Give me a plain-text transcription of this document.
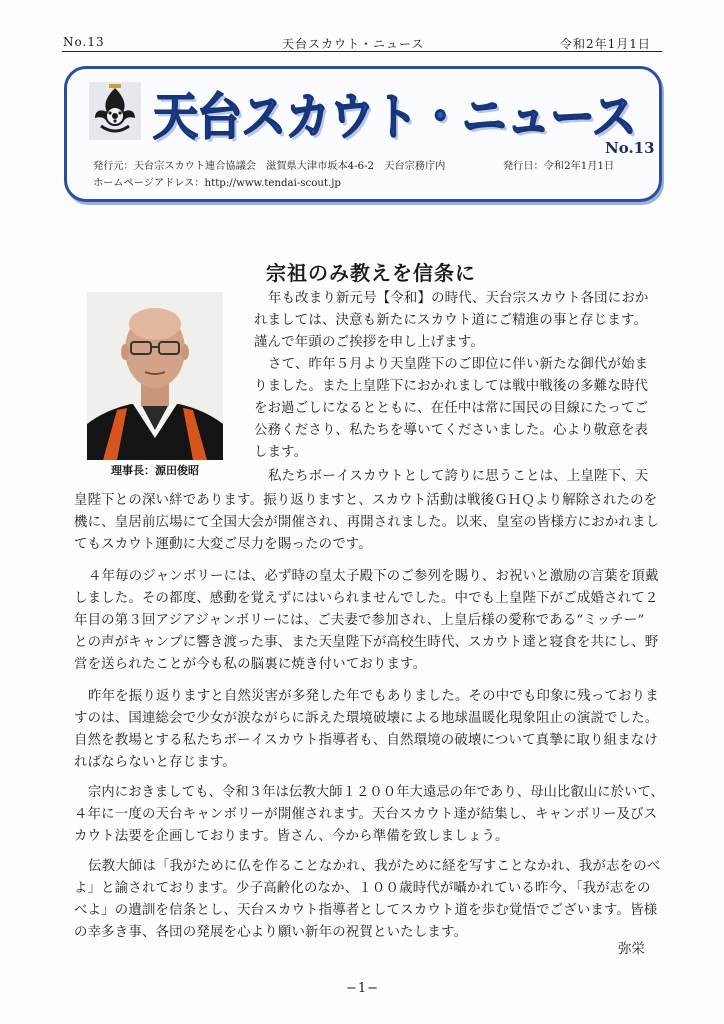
No.13	天台スカウト・ニュース	令和2年1月1日
天台スカウト・ニュース
No.13
発行元：天台宗スカウト連合協議会　滋賀県大津市坂本4-6-2　天台宗務庁内	発行日：令和2年1月1日
ホームページアドレス：http://www.tendai-scout.jp
宗祖のみ教えを信条に
理事長：源田俊昭
年も改まり新元号【令和】の時代、天台宗スカウト各団におか
れましては、決意も新たにスカウト道にご精進の事と存じます。
謹んで年頭のご挨拶を申し上げます。
さて、昨年５月より天皇陛下のご即位に伴い新たな御代が始ま
りました。また上皇陛下におかれましては戦中戦後の多難な時代
をお過ごしになるとともに、在任中は常に国民の目線にたってご
公務くださり、私たちを導いてくださいました。心より敬意を表
します。
私たちボーイスカウトとして誇りに思うことは、上皇陛下、天
皇陛下との深い絆であります。振り返りますと、スカウト活動は戦後ＧＨＱより解除されたのを
機に、皇居前広場にて全国大会が開催され、再開されました。以来、皇室の皆様方におかれまし
てもスカウト運動に大変ご尽力を賜ったのです。
４年毎のジャンボリーには、必ず時の皇太子殿下のご参列を賜り、お祝いと激励の言葉を頂戴
しました。その都度、感動を覚えずにはいられませんでした。中でも上皇陛下がご成婚されて２
年目の第３回アジアジャンボリーには、ご夫妻で参加され、上皇后様の愛称である“ミッチー”
との声がキャンプに響き渡った事、また天皇陛下が高校生時代、スカウト達と寝食を共にし、野
営を送られたことが今も私の脳裏に焼き付いております。
昨年を振り返りますと自然災害が多発した年でもありました。その中でも印象に残っておりま
すのは、国連総会で少女が涙ながらに訴えた環境破壊による地球温暖化現象阻止の演説でした。
自然を教場とする私たちボーイスカウト指導者も、自然環境の破壊について真摯に取り組まなけ
ればならないと存じます。
宗内におきましても、令和３年は伝教大師１２００年大遠忌の年であり、母山比叡山に於いて、
４年に一度の天台キャンボリーが開催されます。天台スカウト達が結集し、キャンボリー及びス
カウト法要を企画しております。皆さん、今から準備を致しましょう。
伝教大師は「我がために仏を作ることなかれ、我がために経を写すことなかれ、我が志をのべ
よ」と諭されております。少子高齢化のなか、１００歳時代が囁かれている昨今、「我が志をの
べよ」の遺訓を信条とし、天台スカウト指導者としてスカウト道を歩む覚悟でございます。皆様
の幸多き事、各団の発展を心より願い新年の祝賀といたします。
弥栄
−1−
